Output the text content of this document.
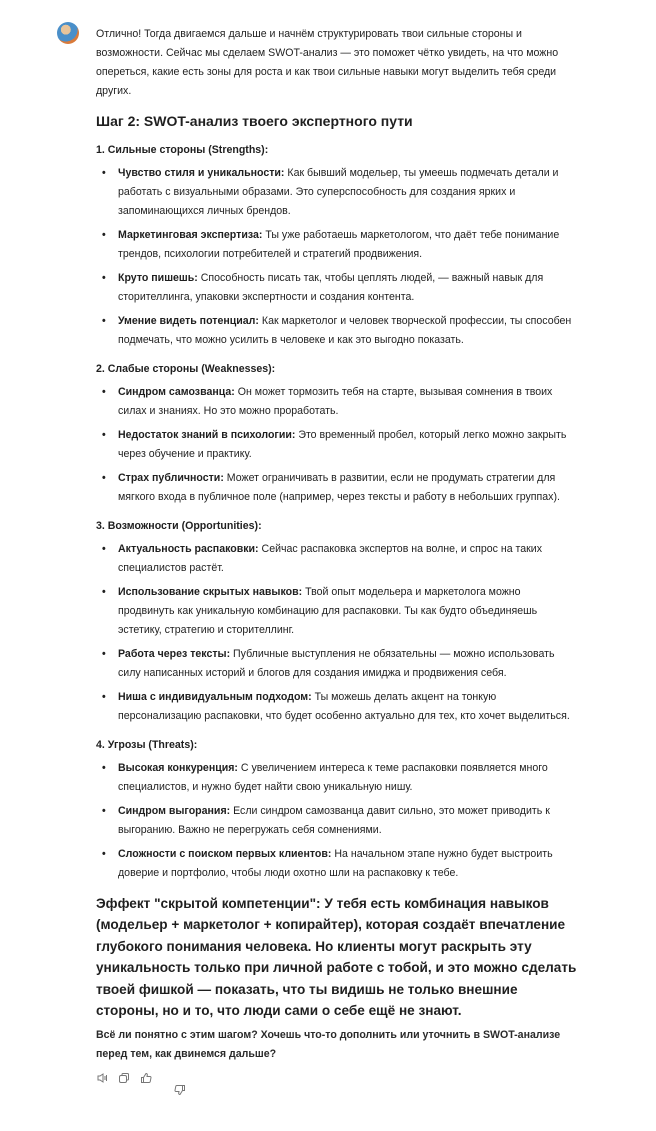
Отлично! Тогда двигаемся дальше и начнём структурировать твои сильные стороны и возможности. Сейчас мы сделаем SWOT-анализ — это поможет чётко увидеть, на что можно опереться, какие есть зоны для роста и как твои сильные навыки могут выделить тебя среди других.

Шаг 2: SWOT-анализ твоего экспертного пути
1. Сильные стороны (Strengths):
• Чувство стиля и уникальности: Как бывший модельер, ты умеешь подмечать детали и работать с визуальными образами. Это суперспособность для создания ярких и запоминающихся личных брендов.
• Маркетинговая экспертиза: Ты уже работаешь маркетологом, что даёт тебе понимание трендов, психологии потребителей и стратегий продвижения.
• Круто пишешь: Способность писать так, чтобы цеплять людей, — важный навык для сторителлинга, упаковки экспертности и создания контента.
• Умение видеть потенциал: Как маркетолог и человек творческой профессии, ты способен подмечать, что можно усилить в человеке и как это выгодно показать.
2. Слабые стороны (Weaknesses):
• Синдром самозванца: Он может тормозить тебя на старте, вызывая сомнения в твоих силах и знаниях. Но это можно проработать.
• Недостаток знаний в психологии: Это временный пробел, который легко можно закрыть через обучение и практику.
• Страх публичности: Может ограничивать в развитии, если не продумать стратегии для мягкого входа в публичное поле (например, через тексты и работу в небольших группах).
3. Возможности (Opportunities):
• Актуальность распаковки: Сейчас распаковка экспертов на волне, и спрос на таких специалистов растёт.
• Использование скрытых навыков: Твой опыт модельера и маркетолога можно продвинуть как уникальную комбинацию для распаковки. Ты как будто объединяешь эстетику, стратегию и сторителлинг.
• Работа через тексты: Публичные выступления не обязательны — можно использовать силу написанных историй и блогов для создания имиджа и продвижения себя.
• Ниша с индивидуальным подходом: Ты можешь делать акцент на тонкую персонализацию распаковки, что будет особенно актуально для тех, кто хочет выделиться.
4. Угрозы (Threats):
• Высокая конкуренция: С увеличением интереса к теме распаковки появляется много специалистов, и нужно будет найти свою уникальную нишу.
• Синдром выгорания: Если синдром самозванца давит сильно, это может приводить к выгоранию. Важно не перегружать себя сомнениями.
• Сложности с поиском первых клиентов: На начальном этапе нужно будет выстроить доверие и портфолио, чтобы люди охотно шли на распаковку к тебе.

Эффект "скрытой компетенции": У тебя есть комбинация навыков (модельер + маркетолог + копирайтер), которая создаёт впечатление глубокого понимания человека. Но клиенты могут раскрыть эту уникальность только при личной работе с тобой, и это можно сделать твоей фишкой — показать, что ты видишь не только внешние стороны, но и то, что люди сами о себе ещё не знают.

Всё ли понятно с этим шагом? Хочешь что-то дополнить или уточнить в SWOT-анализе перед тем, как двинемся дальше?
